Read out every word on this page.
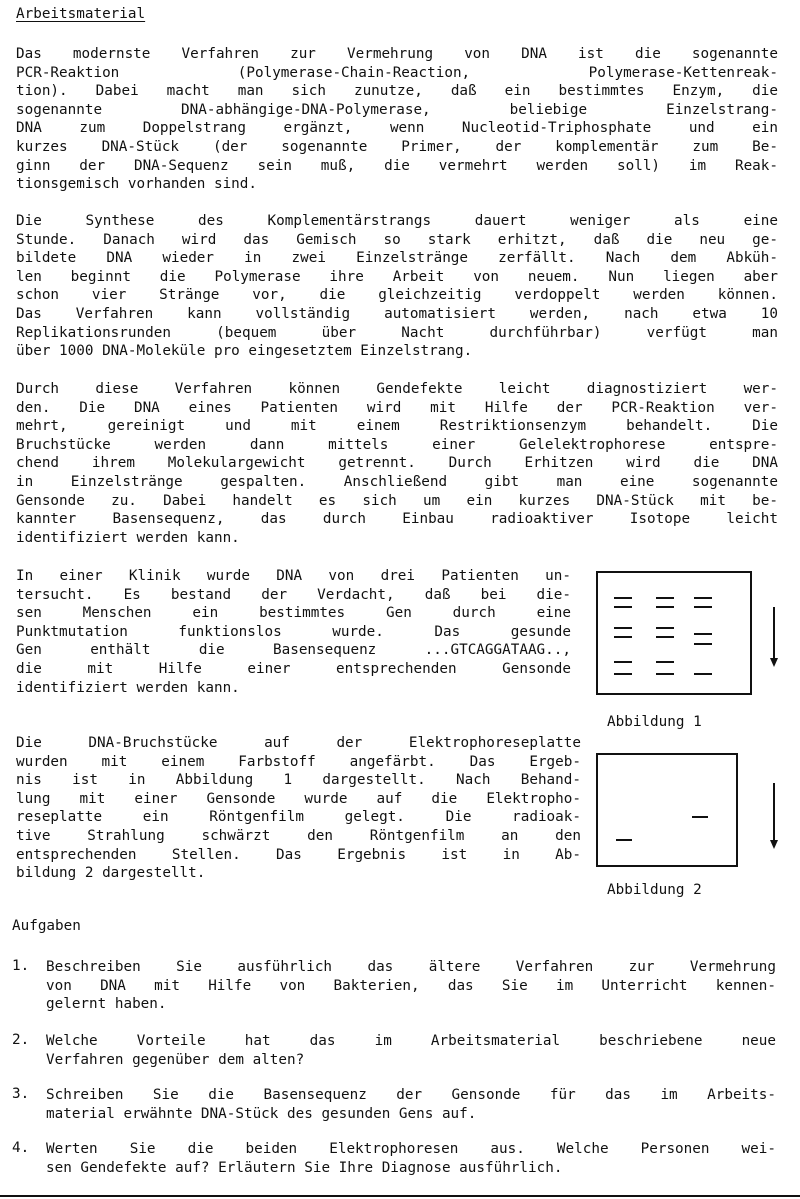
Arbeitsmaterial
Das modernste Verfahren zur Vermehrung von DNA ist die sogenannte
PCR-Reaktion  (Polymerase-Chain-Reaction,  Polymerase-Kettenreak-
tion). Dabei macht man sich zunutze, daß ein bestimmtes Enzym, die
sogenannte DNA-abhängige-DNA-Polymerase, beliebige Einzelstrang-
DNA zum Doppelstrang ergänzt, wenn Nucleotid-Triphosphate und ein
kurzes DNA-Stück (der sogenannte Primer, der komplementär zum Be-
ginn der DNA-Sequenz sein muß, die vermehrt werden soll) im Reak-
tionsgemisch vorhanden sind.
Die Synthese des Komplementärstrangs dauert weniger als eine
Stunde. Danach wird das Gemisch so stark erhitzt, daß die neu ge-
bildete DNA wieder in zwei Einzelstränge zerfällt. Nach dem Abküh-
len beginnt die Polymerase ihre Arbeit von neuem. Nun liegen aber
schon vier Stränge vor, die gleichzeitig verdoppelt werden können.
Das Verfahren kann vollständig automatisiert werden, nach etwa 10
Replikationsrunden (bequem über Nacht durchführbar) verfügt man
über 1000 DNA-Moleküle pro eingesetztem Einzelstrang.
Durch diese Verfahren können Gendefekte leicht diagnostiziert wer-
den. Die DNA eines Patienten wird mit Hilfe der PCR-Reaktion ver-
mehrt, gereinigt und mit einem Restriktionsenzym behandelt. Die
Bruchstücke werden dann mittels einer Gelelektrophorese entspre-
chend ihrem Molekulargewicht getrennt. Durch Erhitzen wird die DNA
in Einzelstränge gespalten. Anschließend gibt man eine sogenannte
Gensonde zu. Dabei handelt es sich um ein kurzes DNA-Stück mit be-
kannter Basensequenz, das durch Einbau radioaktiver Isotope leicht
identifiziert werden kann.
In einer Klinik wurde DNA von drei Patienten un-
tersucht. Es bestand der Verdacht, daß bei die-
sen Menschen ein bestimmtes Gen durch eine
Punktmutation funktionslos wurde. Das gesunde
Gen enthält die Basensequenz ...GTCAGGATAAG..,
die mit Hilfe einer entsprechenden Gensonde
identifiziert werden kann.
Die DNA-Bruchstücke auf der Elektrophoreseplatte
wurden mit einem Farbstoff angefärbt. Das Ergeb-
nis ist in Abbildung 1 dargestellt. Nach Behand-
lung mit einer Gensonde wurde auf die Elektropho-
reseplatte ein Röntgenfilm gelegt. Die radioak-
tive Strahlung schwärzt den Röntgenfilm an den
entsprechenden Stellen. Das Ergebnis ist in Ab-
bildung 2 dargestellt.
Abbildung 1
Abbildung 2
Aufgaben
1. Beschreiben Sie ausführlich das ältere Verfahren zur Vermehrung
von DNA mit Hilfe von Bakterien, das Sie im Unterricht kennen-
gelernt haben.
2. Welche Vorteile hat das im Arbeitsmaterial beschriebene neue
Verfahren gegenüber dem alten?
3. Schreiben Sie die Basensequenz der Gensonde für das im Arbeits-
material erwähnte DNA-Stück des gesunden Gens auf.
4. Werten Sie die beiden Elektrophoresen aus. Welche Personen wei-
sen Gendefekte auf? Erläutern Sie Ihre Diagnose ausführlich.
